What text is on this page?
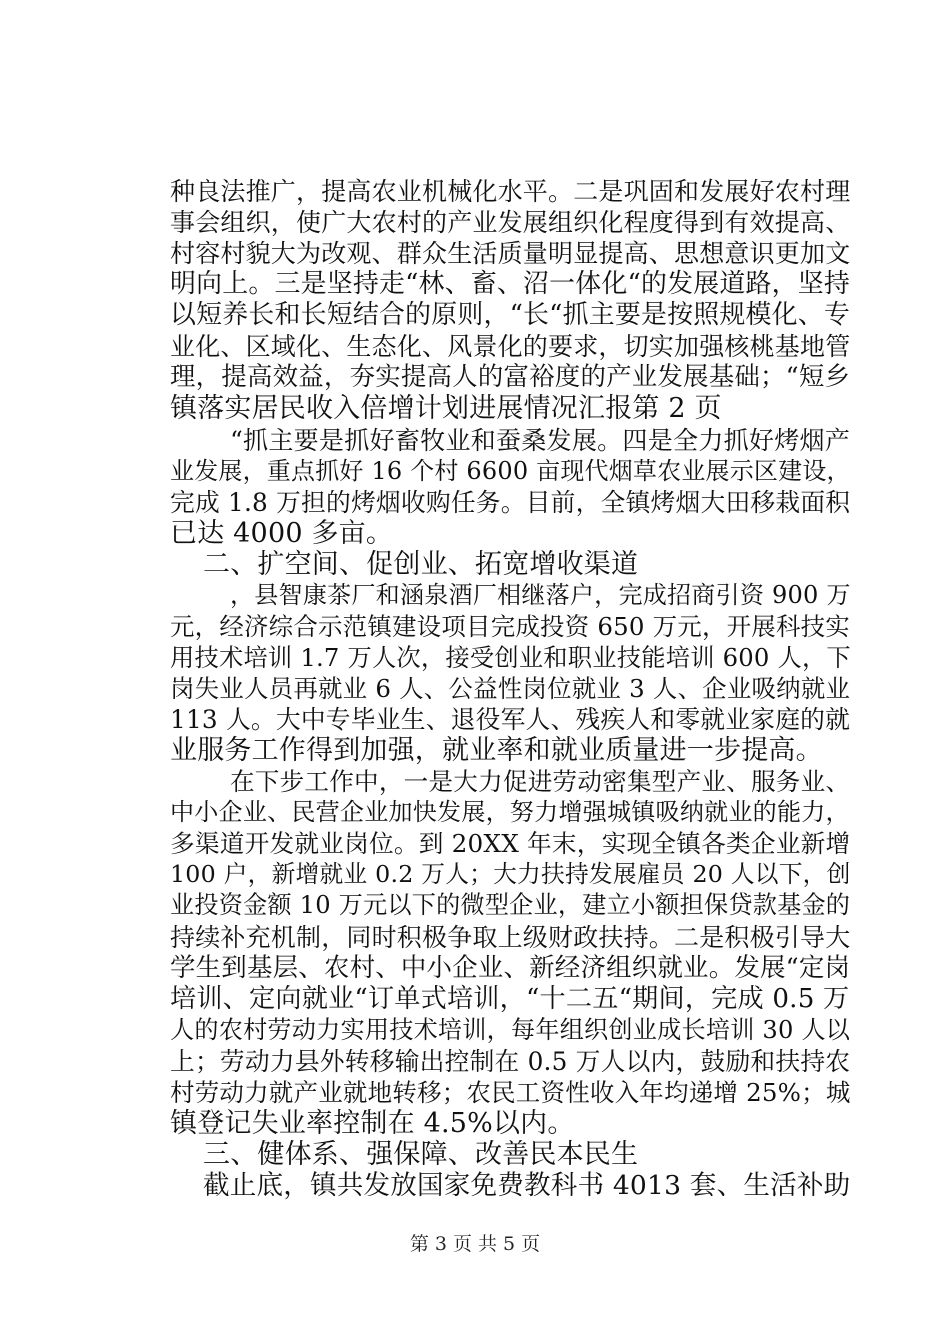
种良法推广，提高农业机械化水平。二是巩固和发展好农村理
事会组织，使广大农村的产业发展组织化程度得到有效提高、
村容村貌大为改观、群众生活质量明显提高、思想意识更加文
明向上。三是坚持走“林、畜、沼一体化“的发展道路，坚持
以短养长和长短结合的原则，“长“抓主要是按照规模化、专
业化、区域化、生态化、风景化的要求，切实加强核桃基地管
理，提高效益，夯实提高人的富裕度的产业发展基础；“短乡
镇落实居民收入倍增计划进展情况汇报第 2 页
“抓主要是抓好畜牧业和蚕桑发展。四是全力抓好烤烟产
业发展，重点抓好 16 个村 6600 亩现代烟草农业展示区建设，
完成 1.8 万担的烤烟收购任务。目前，全镇烤烟大田移栽面积
已达 4000 多亩。
二、扩空间、促创业、拓宽增收渠道
，县智康茶厂和涵泉酒厂相继落户，完成招商引资 900 万
元，经济综合示范镇建设项目完成投资 650 万元，开展科技实
用技术培训 1.7 万人次，接受创业和职业技能培训 600 人，下
岗失业人员再就业 6 人、公益性岗位就业 3 人、企业吸纳就业
113 人。大中专毕业生、退役军人、残疾人和零就业家庭的就
业服务工作得到加强，就业率和就业质量进一步提高。
在下步工作中，一是大力促进劳动密集型产业、服务业、
中小企业、民营企业加快发展，努力增强城镇吸纳就业的能力，
多渠道开发就业岗位。到 20XX 年末，实现全镇各类企业新增
100 户，新增就业 0.2 万人；大力扶持发展雇员 20 人以下，创
业投资金额 10 万元以下的微型企业，建立小额担保贷款基金的
持续补充机制，同时积极争取上级财政扶持。二是积极引导大
学生到基层、农村、中小企业、新经济组织就业。发展“定岗
培训、定向就业“订单式培训，“十二五“期间，完成 0.5 万
人的农村劳动力实用技术培训，每年组织创业成长培训 30 人以
上；劳动力县外转移输出控制在 0.5 万人以内，鼓励和扶持农
村劳动力就产业就地转移；农民工资性收入年均递增 25%；城
镇登记失业率控制在 4.5%以内。
三、健体系、强保障、改善民本民生
截止底，镇共发放国家免费教科书 4013 套、生活补助
第 3 页 共 5 页
